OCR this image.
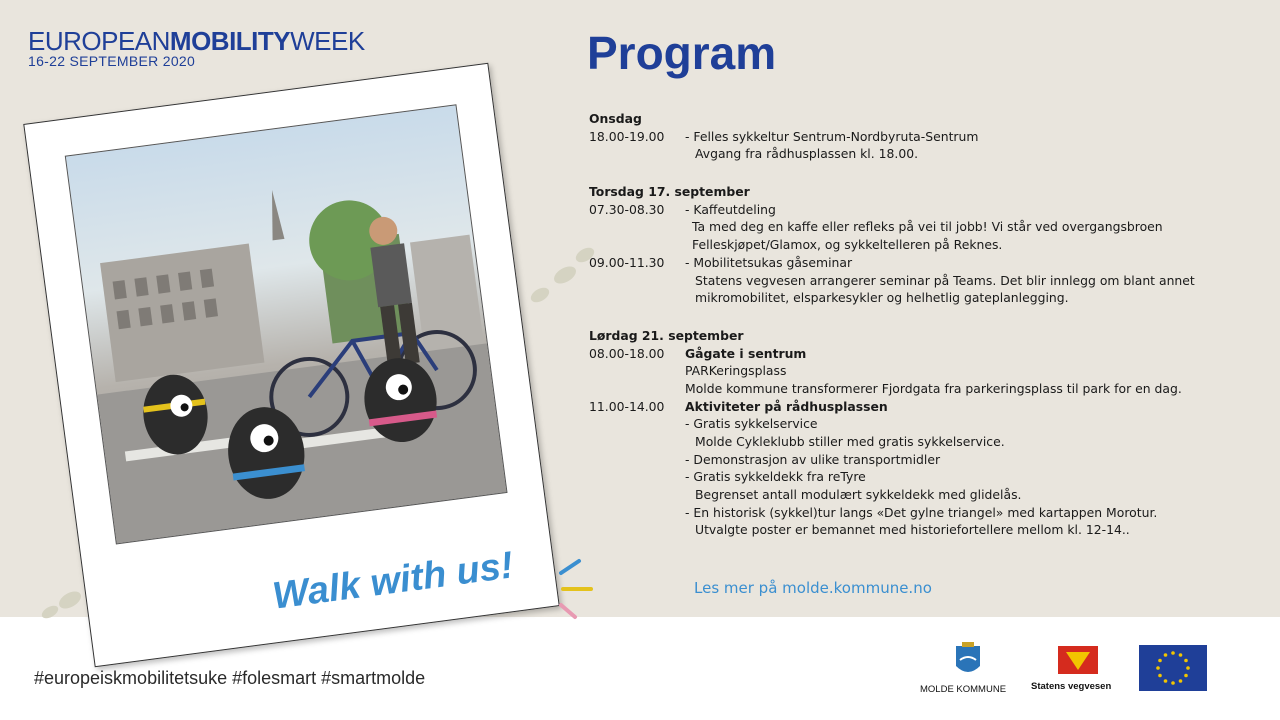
EUROPEANMOBILITYWEEK
16-22 SEPTEMBER 2020	Program
Onsdag
18.00-19.00 - Felles sykkeltur Sentrum-Nordbyruta-Sentrum
Avgang fra rådhusplassen kl. 18.00.
Torsdag 17. september
07.30-08.30 - Kaffeutdeling
Ta med deg en kaffe eller refleks på vei til jobb! Vi står ved overgangsbroen
Felleskjøpet/Glamox, og sykkeltelleren på Reknes.
09.00-11.30 - Mobilitetsukas gåseminar
Statens vegvesen arrangerer seminar på Teams. Det blir innlegg om blant annet
mikromobilitet, elsparkesykler og helhetlig gateplanlegging.
Lørdag 21. september
08.00-18.00 Gågate i sentrum
PARKeringsplass
Molde kommune transformerer Fjordgata fra parkeringsplass til park for en dag.
11.00-14.00 Aktiviteter på rådhusplassen
- Gratis sykkelservice
Molde Cykleklubb stiller med gratis sykkelservice.
- Demonstrasjon av ulike transportmidler
- Gratis sykkeldekk fra reTyre
Begrenset antall modulært sykkeldekk med glidelås.
- En historisk (sykkel)tur langs «Det gylne triangel» med kartappen Morotur.
Utvalgte poster er bemannet med historiefortellere mellom kl. 12-14..
Les mer på molde.kommune.no
Walk with us!
#europeiskmobilitetsuke #folesmart #smartmolde
MOLDE KOMMUNE	Statens vegvesen
